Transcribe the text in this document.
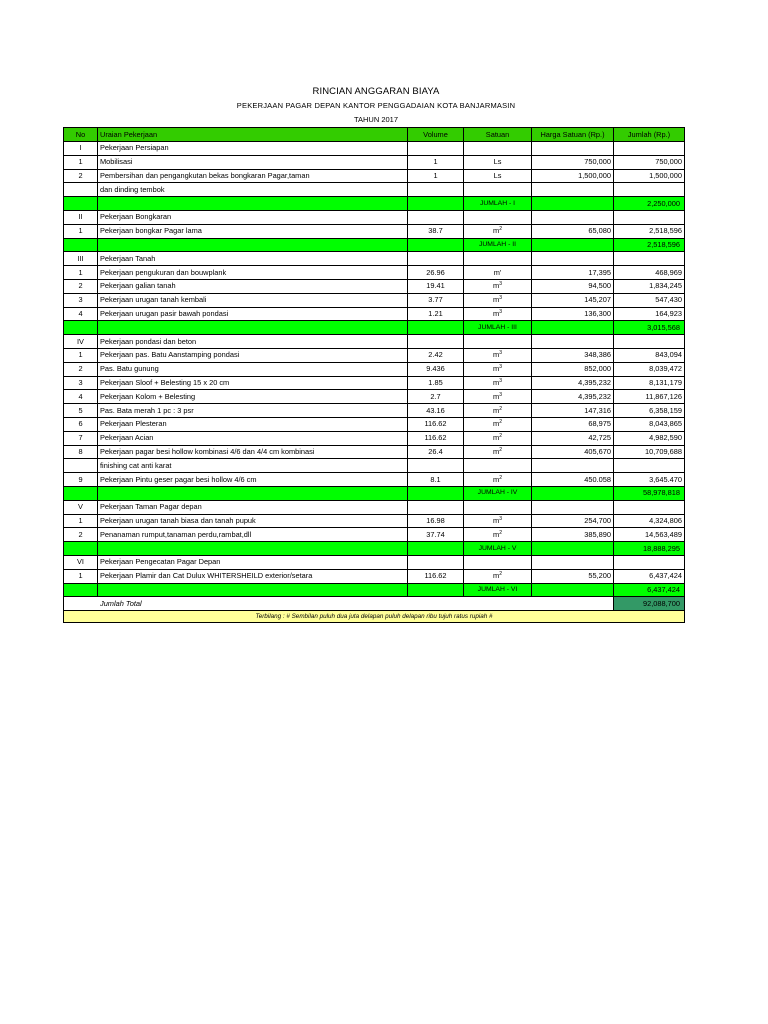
RINCIAN ANGGARAN BIAYA
PEKERJAAN PAGAR DEPAN KANTOR PENGGADAIAN KOTA BANJARMASIN
TAHUN 2017
No	Uraian Pekerjaan	Volume	Satuan	Harga Satuan (Rp.)	Jumlah (Rp.)
I	Pekerjaan Persiapan				
1	Mobilisasi	1	Ls	750,000	750,000
2	Pembersihan dan pengangkutan bekas bongkaran Pagar,taman	1	Ls	1,500,000	1,500,000
	dan dinding tembok				
			JUMLAH - I		2,250,000
II	Pekerjaan Bongkaran				
1	Pekerjaan bongkar Pagar lama	38.7	$m^2$	65,080	2,518,596
			JUMLAH - II		2,518,596
III	Pekerjaan Tanah				
1	Pekerjaan pengukuran dan bouwplank	26.96	m'	17,395	468,969
2	Pekerjaan galian tanah	19.41	$m^3$	94,500	1,834,245
3	Pekerjaan urugan tanah kembali	3.77	$m^3$	145,207	547,430
4	Pekerjaan urugan pasir bawah pondasi	1.21	$m^3$	136,300	164,923
			JUMLAH - III		3,015,568
IV	Pekerjaan pondasi dan beton				
1	Pekerjaan pas. Batu Aanstamping pondasi	2.42	$m^3$	348,386	843,094
2	Pas. Batu gunung	9.436	$m^3$	852,000	8,039,472
3	Pekerjaan Sloof + Belesting 15 x 20 cm	1.85	$m^3$	4,395,232	8,131,179
4	Pekerjaan Kolom + Belesting	2.7	$m^3$	4,395,232	11,867,126
5	Pas. Bata merah 1 pc : 3 psr	43.16	$m^2$	147,316	6,358,159
6	Pekerjaan Plesteran	116.62	$m^2$	68,975	8,043,865
7	Pekerjaan Acian	116.62	$m^2$	42,725	4,982,590
8	Pekerjaan pagar besi hollow kombinasi 4/6 dan 4/4 cm kombinasi	26.4	$m^2$	405,670	10,709,688
	finishing cat anti karat				
9	Pekerjaan Pintu geser pagar besi hollow 4/6 cm	8.1	$m^2$	450.058	3,645.470
			JUMLAH - IV		58,978,818
V	Pekerjaan Taman Pagar depan				
1	Pekerjaan urugan tanah biasa dan tanah pupuk	16.98	$m^3$	254,700	4,324,806
2	Penanaman rumput,tanaman perdu,rambat,dll	37.74	$m^2$	385,890	14,563,489
			JUMLAH - V		18,888,295
VI	Pekerjaan Pengecatan Pagar Depan				
1	Pekerjaan Plamir dan Cat Dulux WHITERSHEILD exterior/setara	116.62	$m^2$	55,200	6,437,424
			JUMLAH - VI		6,437,424
Jumlah Total					92,088,700
Terbilang : # Sembilan puluh dua juta delapan puluh delapan ribu tujuh ratus rupiah #					
